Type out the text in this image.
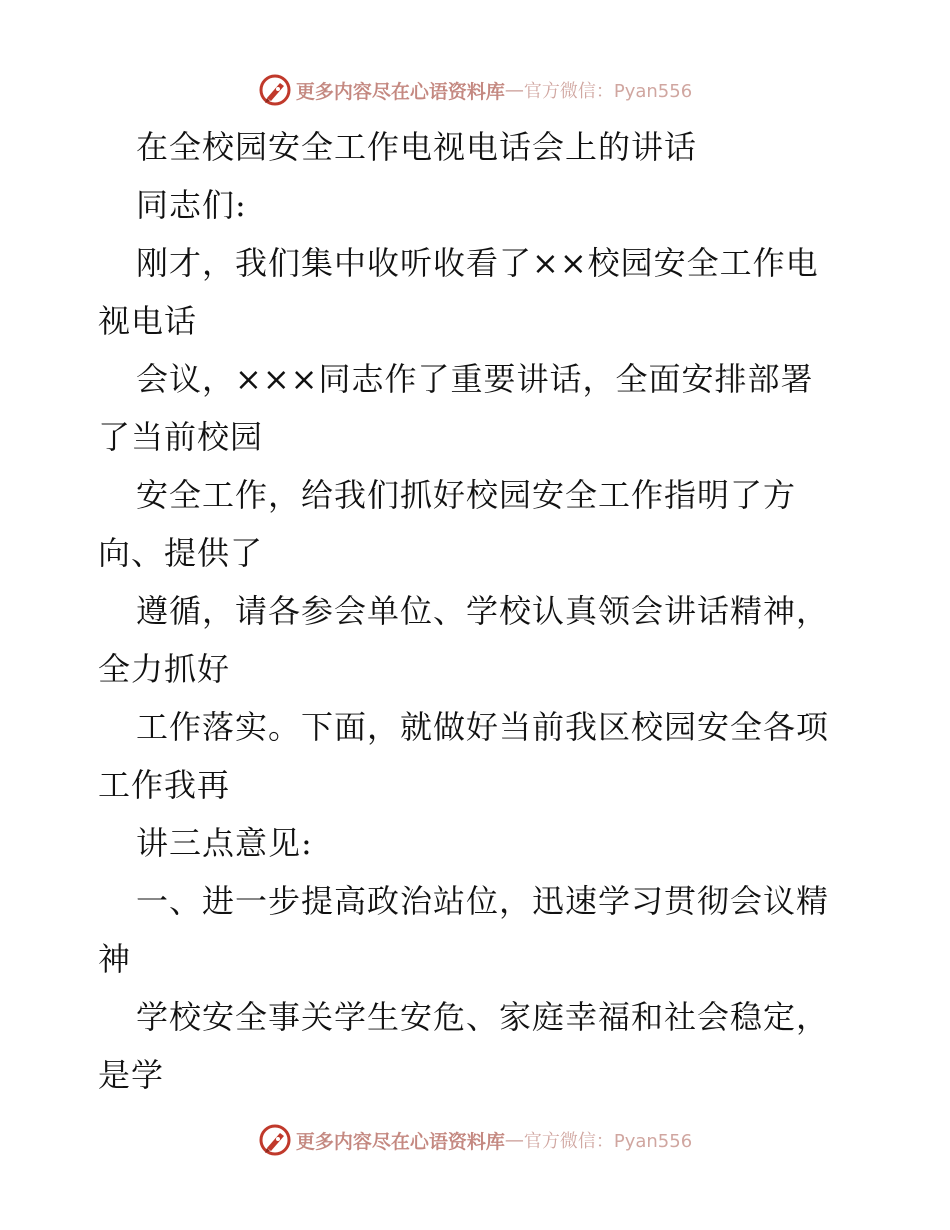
更多内容尽在心语资料库 — 官方微信：Pyan556

在全校园安全工作电视电话会上的讲话

同志们:

刚才，我们集中收听收看了××校园安全工作电

视电话

会议，×××同志作了重要讲话，全面安排部署

了当前校园

安全工作，给我们抓好校园安全工作指明了方

向、提供了

遵循，请各参会单位、学校认真领会讲话精神，

全力抓好

工作落实。下面，就做好当前我区校园安全各项

工作我再

讲三点意见:

一、进一步提高政治站位，迅速学习贯彻会议精

神

学校安全事关学生安危、家庭幸福和社会稳定，

是学

更多内容尽在心语资料库 — 官方微信：Pyan556
